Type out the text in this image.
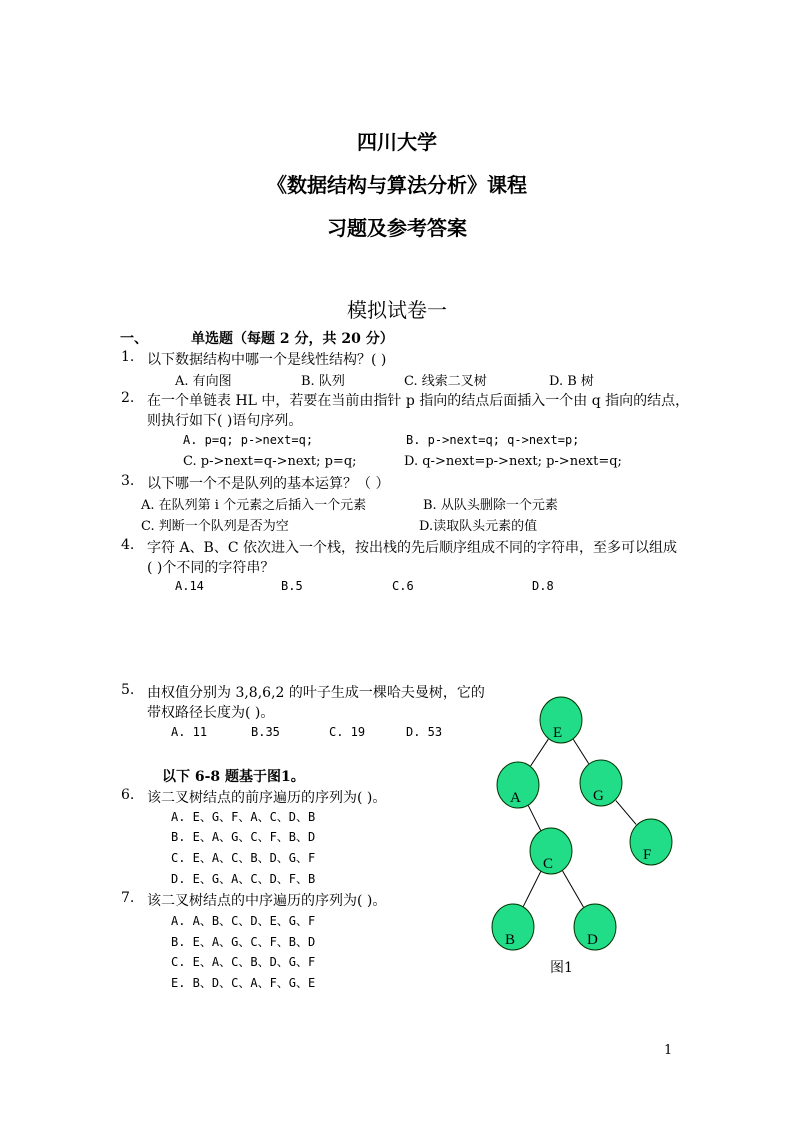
四川大学
《数据结构与算法分析》课程
习题及参考答案
模拟试卷一
一、	单选题（每题 2 分，共 20 分）
1. 以下数据结构中哪一个是线性结构？( )
A. 有向图	B. 队列	C. 线索二叉树	D. B 树
2. 在一个单链表 HL 中，若要在当前由指针 p 指向的结点后面插入一个由 q 指向的结点，
则执行如下( )语句序列。
A. p=q; p->next=q;	B. p->next=q; q->next=p;
C. p->next=q->next; p=q;	D. q->next=p->next; p->next=q;
3. 以下哪一个不是队列的基本运算？（ ）
A. 在队列第 i 个元素之后插入一个元素	B. 从队头删除一个元素
C. 判断一个队列是否为空	D.读取队头元素的值
4. 字符 A、B、C 依次进入一个栈，按出栈的先后顺序组成不同的字符串，至多可以组成
( )个不同的字符串？
A.14	B.5	C.6	D.8
5. 由权值分别为 3,8,6,2 的叶子生成一棵哈夫曼树，它的
带权路径长度为( )。
A. 11	B.35	C. 19	D. 53
以下 6-8 题基于图1。
6. 该二叉树结点的前序遍历的序列为( )。
A. E、G、F、A、C、D、B
B. E、A、G、C、F、B、D
C. E、A、C、B、D、G、F
D. E、G、A、C、D、F、B
7. 该二叉树结点的中序遍历的序列为( )。
A. A、B、C、D、E、G、F
B. E、A、G、C、F、B、D
C. E、A、C、B、D、G、F
E. B、D、C、A、F、G、E
E
A	G
C
F
B	D
图1
1
